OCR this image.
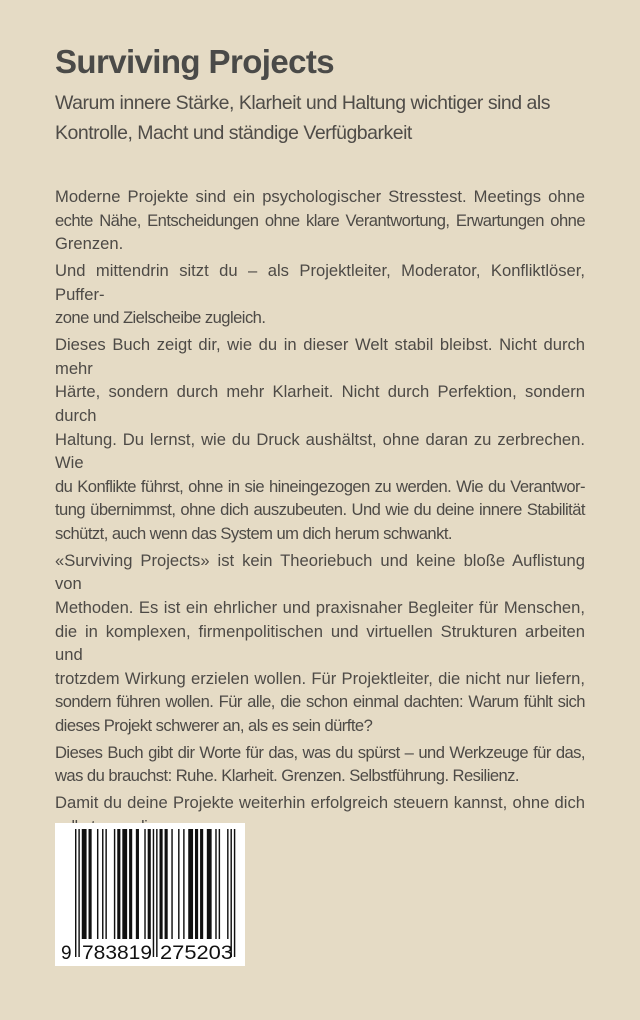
Surviving Projects
Warum innere Stärke, Klarheit und Haltung wichtiger sind als
Kontrolle, Macht und ständige Verfügbarkeit

Moderne Projekte sind ein psychologischer Stresstest. Meetings ohne
echte Nähe, Entscheidungen ohne klare Verantwortung, Erwartungen ohne
Grenzen.

Und mittendrin sitzt du – als Projektleiter, Moderator, Konfliktlöser, Puffer-
zone und Zielscheibe zugleich.

Dieses Buch zeigt dir, wie du in dieser Welt stabil bleibst. Nicht durch mehr
Härte, sondern durch mehr Klarheit. Nicht durch Perfektion, sondern durch
Haltung. Du lernst, wie du Druck aushältst, ohne daran zu zerbrechen. Wie
du Konflikte führst, ohne in sie hineingezogen zu werden. Wie du Verantwor-
tung übernimmst, ohne dich auszubeuten. Und wie du deine innere Stabilität
schützt, auch wenn das System um dich herum schwankt.

«Surviving Projects» ist kein Theoriebuch und keine bloße Auflistung von
Methoden. Es ist ein ehrlicher und praxisnaher Begleiter für Menschen,
die in komplexen, firmenpolitischen und virtuellen Strukturen arbeiten und
trotzdem Wirkung erzielen wollen. Für Projektleiter, die nicht nur liefern,
sondern führen wollen. Für alle, die schon einmal dachten: Warum fühlt sich
dieses Projekt schwerer an, als es sein dürfte?

Dieses Buch gibt dir Worte für das, was du spürst – und Werkzeuge für das,
was du brauchst: Ruhe. Klarheit. Grenzen. Selbstführung. Resilienz.

Damit du deine Projekte weiterhin erfolgreich steuern kannst, ohne dich

9 783819 275203
